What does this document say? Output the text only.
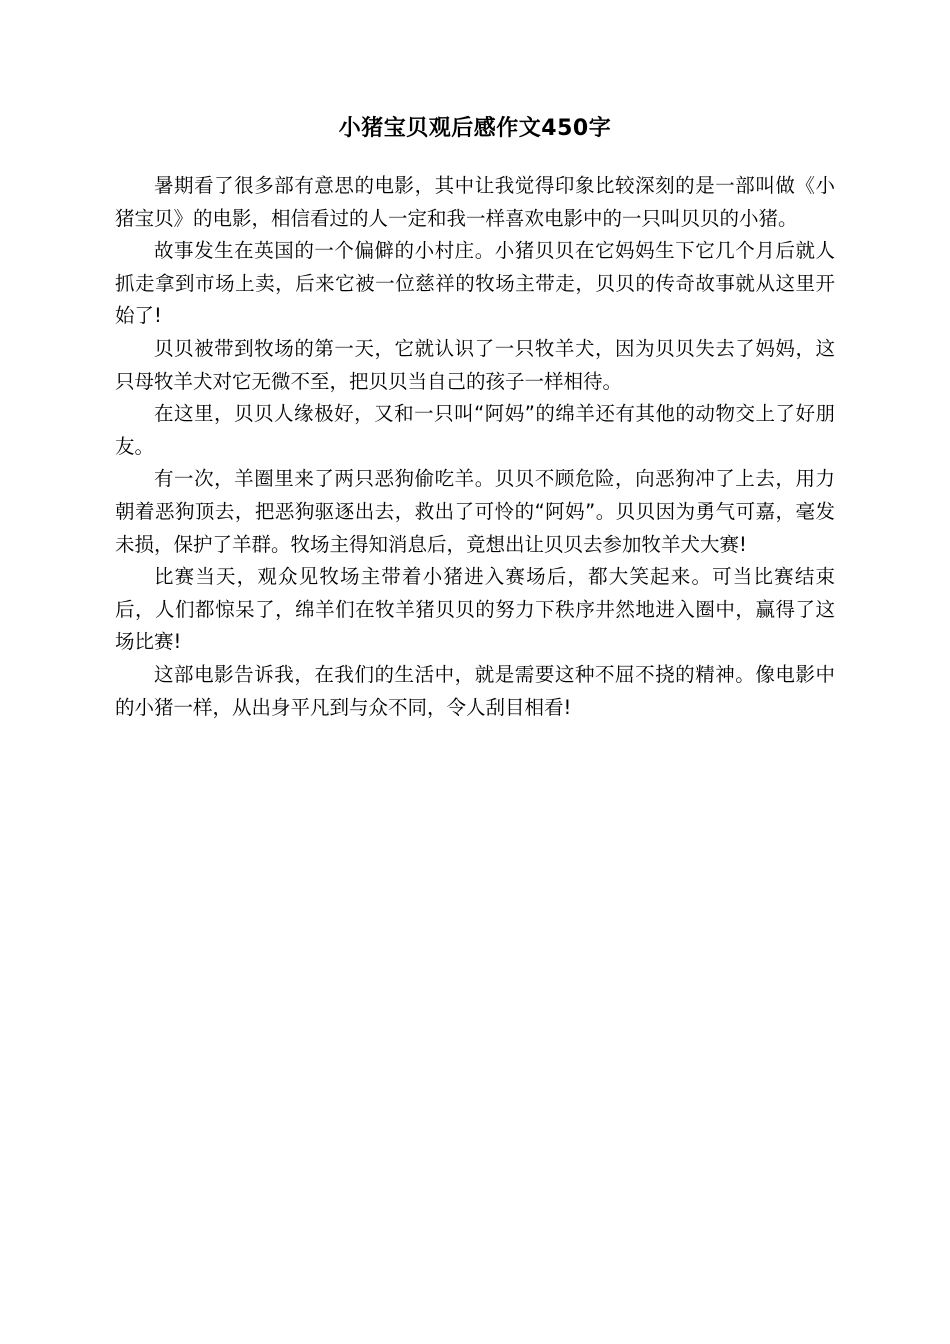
小猪宝贝观后感作文450字

暑期看了很多部有意思的电影，其中让我觉得印象比较深刻的是一部叫做《小猪宝贝》的电影，相信看过的人一定和我一样喜欢电影中的一只叫贝贝的小猪。

故事发生在英国的一个偏僻的小村庄。小猪贝贝在它妈妈生下它几个月后就人抓走拿到市场上卖，后来它被一位慈祥的牧场主带走，贝贝的传奇故事就从这里开始了!

贝贝被带到牧场的第一天，它就认识了一只牧羊犬，因为贝贝失去了妈妈，这只母牧羊犬对它无微不至，把贝贝当自己的孩子一样相待。

在这里，贝贝人缘极好，又和一只叫“阿妈”的绵羊还有其他的动物交上了好朋友。

有一次，羊圈里来了两只恶狗偷吃羊。贝贝不顾危险，向恶狗冲了上去，用力朝着恶狗顶去，把恶狗驱逐出去，救出了可怜的“阿妈”。贝贝因为勇气可嘉，毫发未损，保护了羊群。牧场主得知消息后，竟想出让贝贝去参加牧羊犬大赛!

比赛当天，观众见牧场主带着小猪进入赛场后，都大笑起来。可当比赛结束后，人们都惊呆了，绵羊们在牧羊猪贝贝的努力下秩序井然地进入圈中，赢得了这场比赛!

这部电影告诉我，在我们的生活中，就是需要这种不屈不挠的精神。像电影中的小猪一样，从出身平凡到与众不同，令人刮目相看!
